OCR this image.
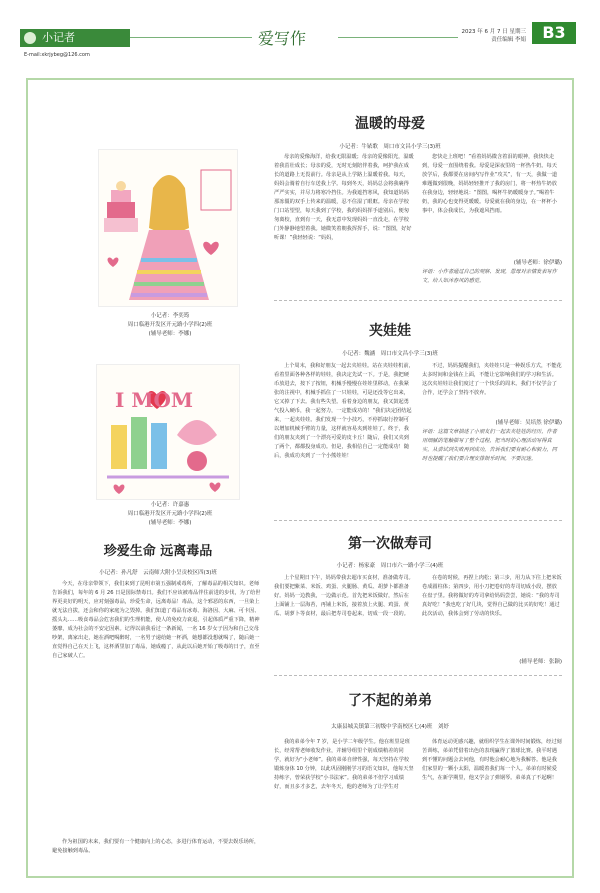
小记者
E-mail:xkrjybeg@126.com
爱写作	2023 年 6 月 7 日 星期三
责任编辑 李娟	B3
小记者：李奕筠
周口临港开发区开元路小学四(2)班
(辅导老师：李娜)
I MOM
小记者：许嘉惠
周口临港开发区开元路小学四(2)班
(辅导老师：李娜)
温暖的母爱
小记者：牛铱歌　周口市文昌小学三(3)班

母亲的爱像海洋，给我无限温暖；母亲的爱像阳光，温暖着我茁壮成长；母亲的爱，无时无刻陪伴着我，呵护我在成长的道路上无畏前行。母亲是从上学路上温暖着我。每天，妈妈会骑着自行车送我上学。每到冬天，妈妈总会将我裹得严严实实，并尽力将寒冷挡住。为我遮挡寒风，我知道妈妈那冻僵的双手上传来的温暖，忍不住湿了眼眶。母亲在学校门口站望望，每天我到了学校，我的妈妈挥手道别后，便匆匆离校，直到有一天，我无意中发现妈妈一直没走，在学校门外静静地望着我。她微笑着朝我挥挥手，说：“图图，好好听课！”我轻轻说：“妈妈，

您快走上班吧！”看着妈妈微含着泪的眼神，我快快走到，母爱一直围绕着我。母爱是深夜里的一杯热牛奶。每天放学后，我都要在房间内写作业“攻关”，有一天，我做一道难题做到很晚，妈妈轻轻推开了我的房门，将一杯热牛奶放在我身边，轻轻地说：“图图，喝杯牛奶暖暖身子。”喝着牛奶，我的心也变得更暖暖。母爱就在我的身边，在一杯杯小事中，体会我成长，为我遮风挡雨。

(辅导老师：徐伊璐)
评语：小作者通过自己的观察、发现，恩母对亲情发表写作文，给人如沐春风的感觉。
夹娃娃
小记者：魏涵　周口市文昌小学三(3)班

上个周末，我和好朋友一起去夹娃娃。站在夹娃娃机前，看着里面各种各样的娃娃，我决定先试一下。于是，我把硬币放进去，按下了按钮，机械手慢慢在娃娃里移动，在我紧张的注视中，机械手抓住了一只娃娃，可是还没等它出来，它又掉了下去。我有些失望。看着身边的朋友，我又鼓起勇气投入硬币，我一起努力，一定能成功的！“我们决定团结起来，一起夹娃娃。我们发现一个小技巧，不停抓取行控制可以增加机械手臂的力量，这样就容易夹到娃娃了。终于，我们的朋友夹到了一个漂亮可爱的皮卡丘！随后，我们又夹到了两个，都都投身成功。但是，我相信自己一定能成功！随后，我成功夹到了一个小熊娃娃！

不过，妈妈提醒我们，夹娃娃只是一种娱乐方式，不能花太多时间和金钱在上面，不能让它影响我们的学习和生活。这次夹娃娃让我们度过了一个快乐的周末。我们不仅学会了合作，还学会了坚持不放弃。

(辅导老师：吴培然 徐伊璐)
评语：这篇文章描述了小朋友们一起去夹娃娃的经历，作者用细腻的笔触描写了整个过程，把当时的心理活动写得真实，从尝试到失败再到成功，告诉我们要有耐心和毅力，同时也提醒了我们要合理安排娱乐时间，不要沉迷。
珍爱生命 远离毒品
小记者：孙凡舒　云南师大附小呈贡校区四(3)班

今天，在母亲带领下，我们来到了昆明市第五强制戒毒所，了解毒品的相关知识。老师告诉我们，每年的 6 月 26 日是国际禁毒日。我们不应该被毒品伴住前进的步伐，为了给世界更美好的明天，应对刻强毒品，珍爱生命，远离毒品！毒品，这个邪恶的东西，一旦染上就无法自拔，还会和你的家庭为之毁掉。我们知道了毒品有冰毒、海洛因、大麻、可卡因、摇头丸……吸食毒品会危害我们的生理机能，使人的免疫力衰退，引起体质严重下降，精神萎靡，成为社会的不安定因素。记得以前我看过一条新闻，一名 16 岁女子因为和自己交母吵架，离家出走，她在酒吧喝醉时，一名男子递给她一杯酒，她想都没想就喝了，随后她一直觉得自己在天上飞，这杯酒里加了毒品，她成瘾了，从此以后她开始了吸毒的日子，直至自己家破人亡。

作为祖国的未来，我们要有一个健康向上的心态，多进行体育运动，不要去娱乐场所，避免接触到毒品。

第一次做寿司
小记者：杨家豪　周口市六一路小学三(4)班

上个星期日下午，妈妈带我去超市买食材，准备做寿司。我们要把紫菜、米饭、鸡蛋、火腿肠、黄瓜、胡萝卜都准备好。妈妈一边教我，一边做示范。首先把米饭做好，然后在上面铺上一层海苔，再铺上米饭，接着放上火腿、鸡蛋、黄瓜、胡萝卜等食材，最后把寿司卷起来，切成一段一段的。

在卷的时候，再捏上肉松；第三步，用力从下往上把米饭卷成圆柱体；第四步，用小刀把卷好的寿司切成小段，摆放在盘子里。我将做好的寿司拿给妈妈尝尝，她说：“我的寿司真好吃！”我也吃了好几块，觉得自己做的比买的好吃！通过此次活动，我体会到了劳动的快乐。

(辅导老师：张颖)
了不起的弟弟
太康县城关镇第三初级中学南校区七(4)班　刘妤

我的弟弟今年 7 岁，是小学二年级学生。他在班里是班长，经常帮老师收发作业，并辅导组里个别成绩稍差的同学，就好为“小老师”。我的弟弟自律性强，每天坚持在学校锻炼身体 10 分钟，以此巩固刚刚学习的语文知识，他每天坚持练字，曾荣获学校“小书法家”。我的弟弟不但学习成绩好，而且多才多艺，去年冬天，他的老师为了让学生对

体育运动更感兴趣，就组织学生在课外时间锻炼，经过刻苦训练，弟弟凭借着出色的表现赢得了篮球比赛。我平时遇到不懂的问题会去问他，有时他会耐心地为我解答。他是我们家里的一颗小太阳，温暖着我们每一个人。弟弟有时候爱生气，在新学期里，他又学会了弹钢琴。弟弟真了不起啊！
